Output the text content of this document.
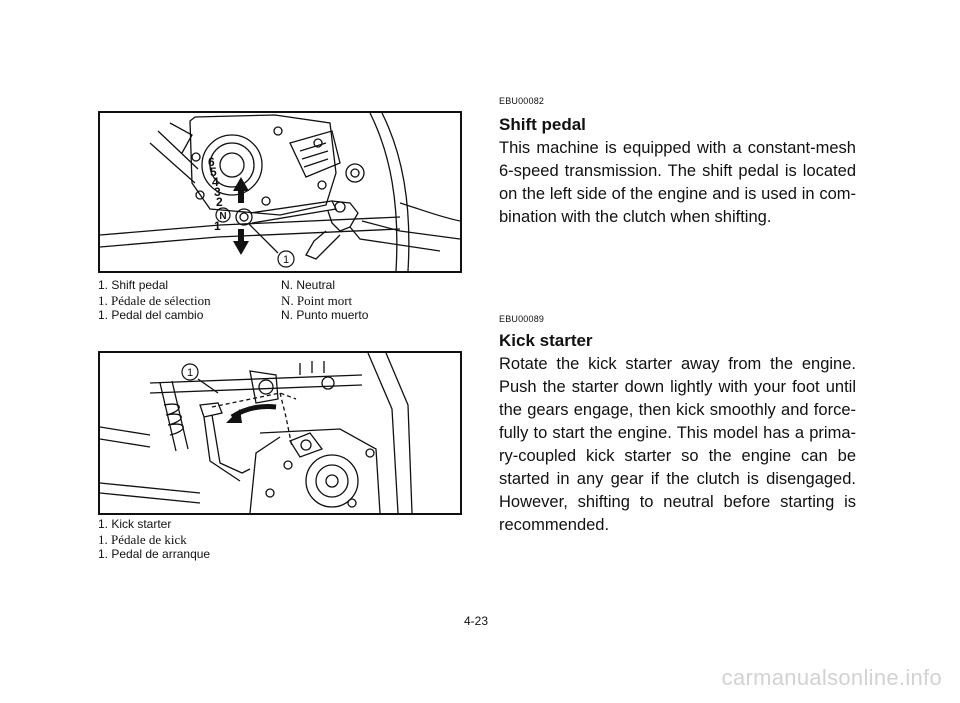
6
5
4
3
2
1
N
1
1. Shift pedal	N. Neutral
1. Pédale de sélection	N. Point mort
1. Pedal del cambio	N. Punto muerto
1
1. Kick starter
1. Pédale de kick
1. Pedal de arranque
EBU00082
Shift pedal

This machine is equipped with a constant-mesh 6-speed transmission. The shift pedal is located on the left side of the engine and is used in com-bination with the clutch when shifting.

EBU00089
Kick starter

Rotate the kick starter away from the engine. Push the starter down lightly with your foot until the gears engage, then kick smoothly and force-fully to start the engine. This model has a prima-ry-coupled kick starter so the engine can be started in any gear if the clutch is disengaged. However, shifting to neutral before starting is recommended.

4-23
carmanualsonline.info
